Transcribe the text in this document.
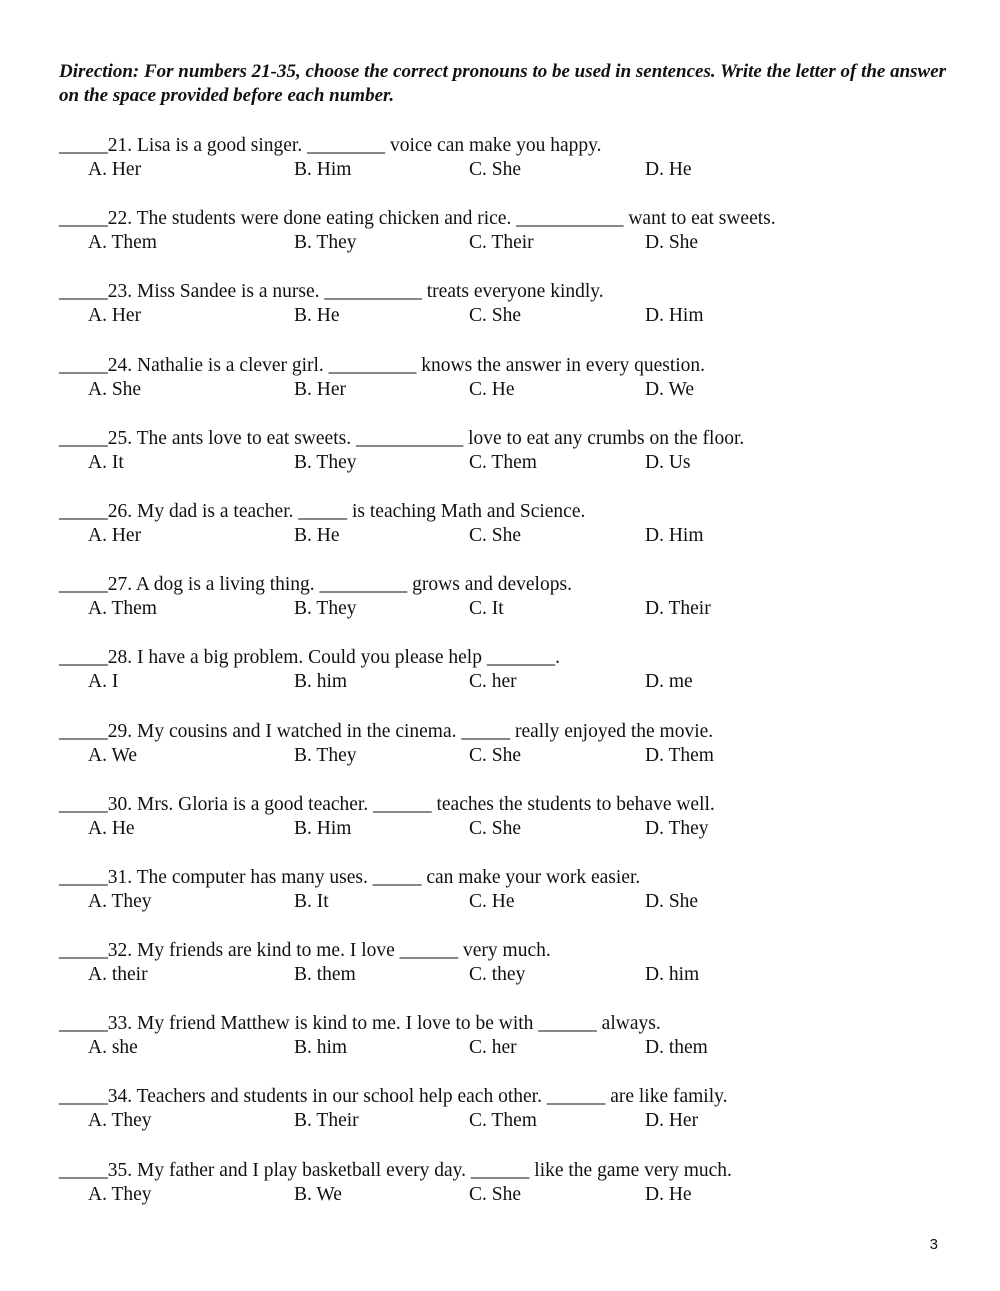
Direction: For numbers 21-35, choose the correct pronouns to be used in sentences. Write the letter of the answer on the space provided before each number.
_____21. Lisa is a good singer. ________ voice can make you happy.
A. Her	B. Him	C. She	D. He
_____22. The students were done eating chicken and rice. ___________ want to eat sweets.
A. Them	B. They	C. Their	D. She
_____23. Miss Sandee is a nurse. __________ treats everyone kindly.
A. Her	B. He	C. She	D. Him
_____24. Nathalie is a clever girl. _________ knows the answer in every question.
A. She	B. Her	C. He	D. We
_____25. The ants love to eat sweets. ___________ love to eat any crumbs on the floor.
A. It	B. They	C. Them	D. Us
_____26. My dad is a teacher. _____ is teaching Math and Science.
A. Her	B. He	C. She	D. Him
_____27. A dog is a living thing. _________ grows and develops.
A. Them	B. They	C. It	D. Their
_____28. I have a big problem. Could you please help _______.
A. I	B. him	C. her	D. me
_____29. My cousins and I watched in the cinema. _____ really enjoyed the movie.
A. We	B. They	C. She	D. Them
_____30. Mrs. Gloria is a good teacher. ______ teaches the students to behave well.
A. He	B. Him	C. She	D. They
_____31. The computer has many uses. _____ can make your work easier.
A. They	B. It	C. He	D. She
_____32. My friends are kind to me. I love ______ very much.
A. their	B. them	C. they	D. him
_____33. My friend Matthew is kind to me. I love to be with ______ always.
A. she	B. him	C. her	D. them
_____34. Teachers and students in our school help each other. ______ are like family.
A. They	B. Their	C. Them	D. Her
_____35. My father and I play basketball every day. ______ like the game very much.
A. They	B. We	C. She	D. He
3
